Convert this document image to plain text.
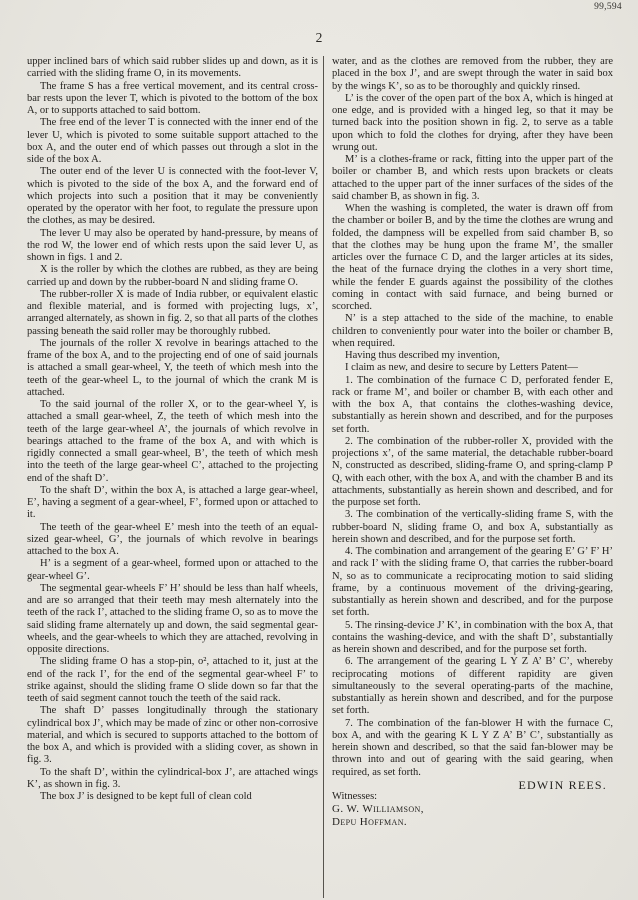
99,594
2

upper inclined bars of which said rubber slides up and down, as it is carried with the sliding frame O, in its movements.

The frame S has a free vertical movement, and its central cross-bar rests upon the lever T, which is pivoted to the bottom of the box A, or to supports attached to said bottom.

The free end of the lever T is connected with the inner end of the lever U, which is pivoted to some suitable support attached to the box A, and the outer end of which passes out through a slot in the side of the box A.

The outer end of the lever U is connected with the foot-lever V, which is pivoted to the side of the box A, and the forward end of which projects into such a position that it may be conveniently operated by the operator with her foot, to regulate the pressure upon the clothes, as may be desired.

The lever U may also be operated by hand-pressure, by means of the rod W, the lower end of which rests upon the said lever U, as shown in figs. 1 and 2.

X is the roller by which the clothes are rubbed, as they are being carried up and down by the rubber-board N and sliding frame O.

The rubber-roller X is made of India rubber, or equivalent elastic and flexible material, and is formed with projecting lugs, x’, arranged alternately, as shown in fig. 2, so that all parts of the clothes passing beneath the said roller may be thoroughly rubbed.

The journals of the roller X revolve in bearings attached to the frame of the box A, and to the projecting end of one of said journals is attached a small gear-wheel, Y, the teeth of which mesh into the teeth of the gear-wheel L, to the journal of which the crank M is attached.

To the said journal of the roller X, or to the gear-wheel Y, is attached a small gear-wheel, Z, the teeth of which mesh into the teeth of the large gear-wheel A’, the journals of which revolve in bearings attached to the frame of the box A, and with which is rigidly connected a small gear-wheel, B’, the teeth of which mesh into the teeth of the large gear-wheel C’, attached to the projecting end of the shaft D’.

To the shaft D’, within the box A, is attached a large gear-wheel, E’, having a segment of a gear-wheel, F’, formed upon or attached to it.

The teeth of the gear-wheel E’ mesh into the teeth of an equal-sized gear-wheel, G’, the journals of which revolve in bearings attached to the box A.

H’ is a segment of a gear-wheel, formed upon or attached to the gear-wheel G’.

The segmental gear-wheels F’ H’ should be less than half wheels, and are so arranged that their teeth may mesh alternately into the teeth of the rack I’, attached to the sliding frame O, so as to move the said sliding frame alternately up and down, the said segmental gear-wheels, and the gear-wheels to which they are attached, revolving in opposite directions.

The sliding frame O has a stop-pin, o², attached to it, just at the end of the rack I’, for the end of the segmental gear-wheel F’ to strike against, should the sliding frame O slide down so far that the teeth of said segment cannot touch the teeth of the said rack.

The shaft D’ passes longitudinally through the stationary cylindrical box J’, which may be made of zinc or other non-corrosive material, and which is secured to supports attached to the bottom of the box A, and which is provided with a sliding cover, as shown in fig. 3.

To the shaft D’, within the cylindrical-box J’, are attached wings K’, as shown in fig. 3.

The box J’ is designed to be kept full of clean cold

water, and as the clothes are removed from the rubber, they are placed in the box J’, and are swept through the water in said box by the wings K’, so as to be thoroughly and quickly rinsed.

L’ is the cover of the open part of the box A, which is hinged at one edge, and is provided with a hinged leg, so that it may be turned back into the position shown in fig. 2, to serve as a table upon which to fold the clothes for drying, after they have been wrung out.

M’ is a clothes-frame or rack, fitting into the upper part of the boiler or chamber B, and which rests upon brackets or cleats attached to the upper part of the inner surfaces of the sides of the said chamber B, as shown in fig. 3.

When the washing is completed, the water is drawn off from the chamber or boiler B, and by the time the clothes are wrung and folded, the dampness will be expelled from said chamber B, so that the clothes may be hung upon the frame M’, the smaller articles over the furnace C D, and the larger articles at its sides, the heat of the furnace drying the clothes in a very short time, while the fender E guards against the possibility of the clothes coming in contact with said furnace, and being burned or scorched.

N’ is a step attached to the side of the machine, to enable children to conveniently pour water into the boiler or chamber B, when required.

Having thus described my invention,

I claim as new, and desire to secure by Letters Patent—

1. The combination of the furnace C D, perforated fender E, rack or frame M’, and boiler or chamber B, with each other and with the box A, that contains the clothes-washing device, substantially as herein shown and described, and for the purposes set forth.

2. The combination of the rubber-roller X, provided with the projections x’, of the same material, the detachable rubber-board N, constructed as described, sliding-frame O, and spring-clamp P Q, with each other, with the box A, and with the chamber B and its attachments, substantially as herein shown and described, and for the purpose set forth.

3. The combination of the vertically-sliding frame S, with the rubber-board N, sliding frame O, and box A, substantially as herein shown and described, and for the purpose set forth.

4. The combination and arrangement of the gearing E’ G’ F’ H’ and rack I’ with the sliding frame O, that carries the rubber-board N, so as to communicate a reciprocating motion to said sliding frame, by a continuous movement of the driving-gearing, substantially as herein shown and described, and for the purpose set forth.

5. The rinsing-device J’ K’, in combination with the box A, that contains the washing-device, and with the shaft D’, substantially as herein shown and described, and for the purpose set forth.

6. The arrangement of the gearing L Y Z A’ B’ C’, whereby reciprocating motions of different rapidity are given simultaneously to the several operating-parts of the machine, substantially as herein shown and described, and for the purpose set forth.

7. The combination of the fan-blower H with the furnace C, box A, and with the gearing K L Y Z A’ B’ C’, substantially as herein shown and described, so that the said fan-blower may be thrown into and out of gearing with the said gearing, when required, as set forth.

EDWIN REES.

Witnesses:

G. W. Williamson,

Depu Hoffman.
